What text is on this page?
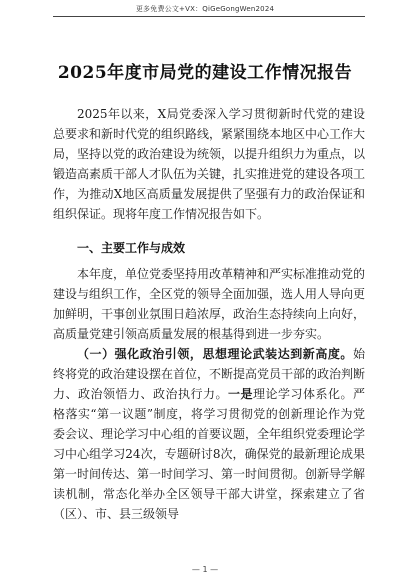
更多免费公文+VX：QiGeGongWen2024
2025年度市局党的建设工作情况报告
2025年以来，X局党委深入学习贯彻新时代党的建设总要求和新时代党的组织路线，紧紧围绕本地区中心工作大局，坚持以党的政治建设为统领，以提升组织力为重点，以锻造高素质干部人才队伍为关键，扎实推进党的建设各项工作，为推动X地区高质量发展提供了坚强有力的政治保证和组织保证。现将年度工作情况报告如下。
一、主要工作与成效
本年度，单位党委坚持用改革精神和严实标准推动党的建设与组织工作，全区党的领导全面加强，选人用人导向更加鲜明，干事创业氛围日趋浓厚，政治生态持续向上向好，高质量党建引领高质量发展的根基得到进一步夯实。
（一）强化政治引领，思想理论武装达到新高度。始终将党的政治建设摆在首位，不断提高党员干部的政治判断力、政治领悟力、政治执行力。一是理论学习体系化。严格落实“第一议题”制度，将学习贯彻党的创新理论作为党委会议、理论学习中心组的首要议题，全年组织党委理论学习中心组学习24次，专题研讨8次，确保党的最新理论成果第一时间传达、第一时间学习、第一时间贯彻。创新导学解读机制，常态化举办全区领导干部大讲堂，探索建立了省（区）、市、县三级领导
— 1 —
